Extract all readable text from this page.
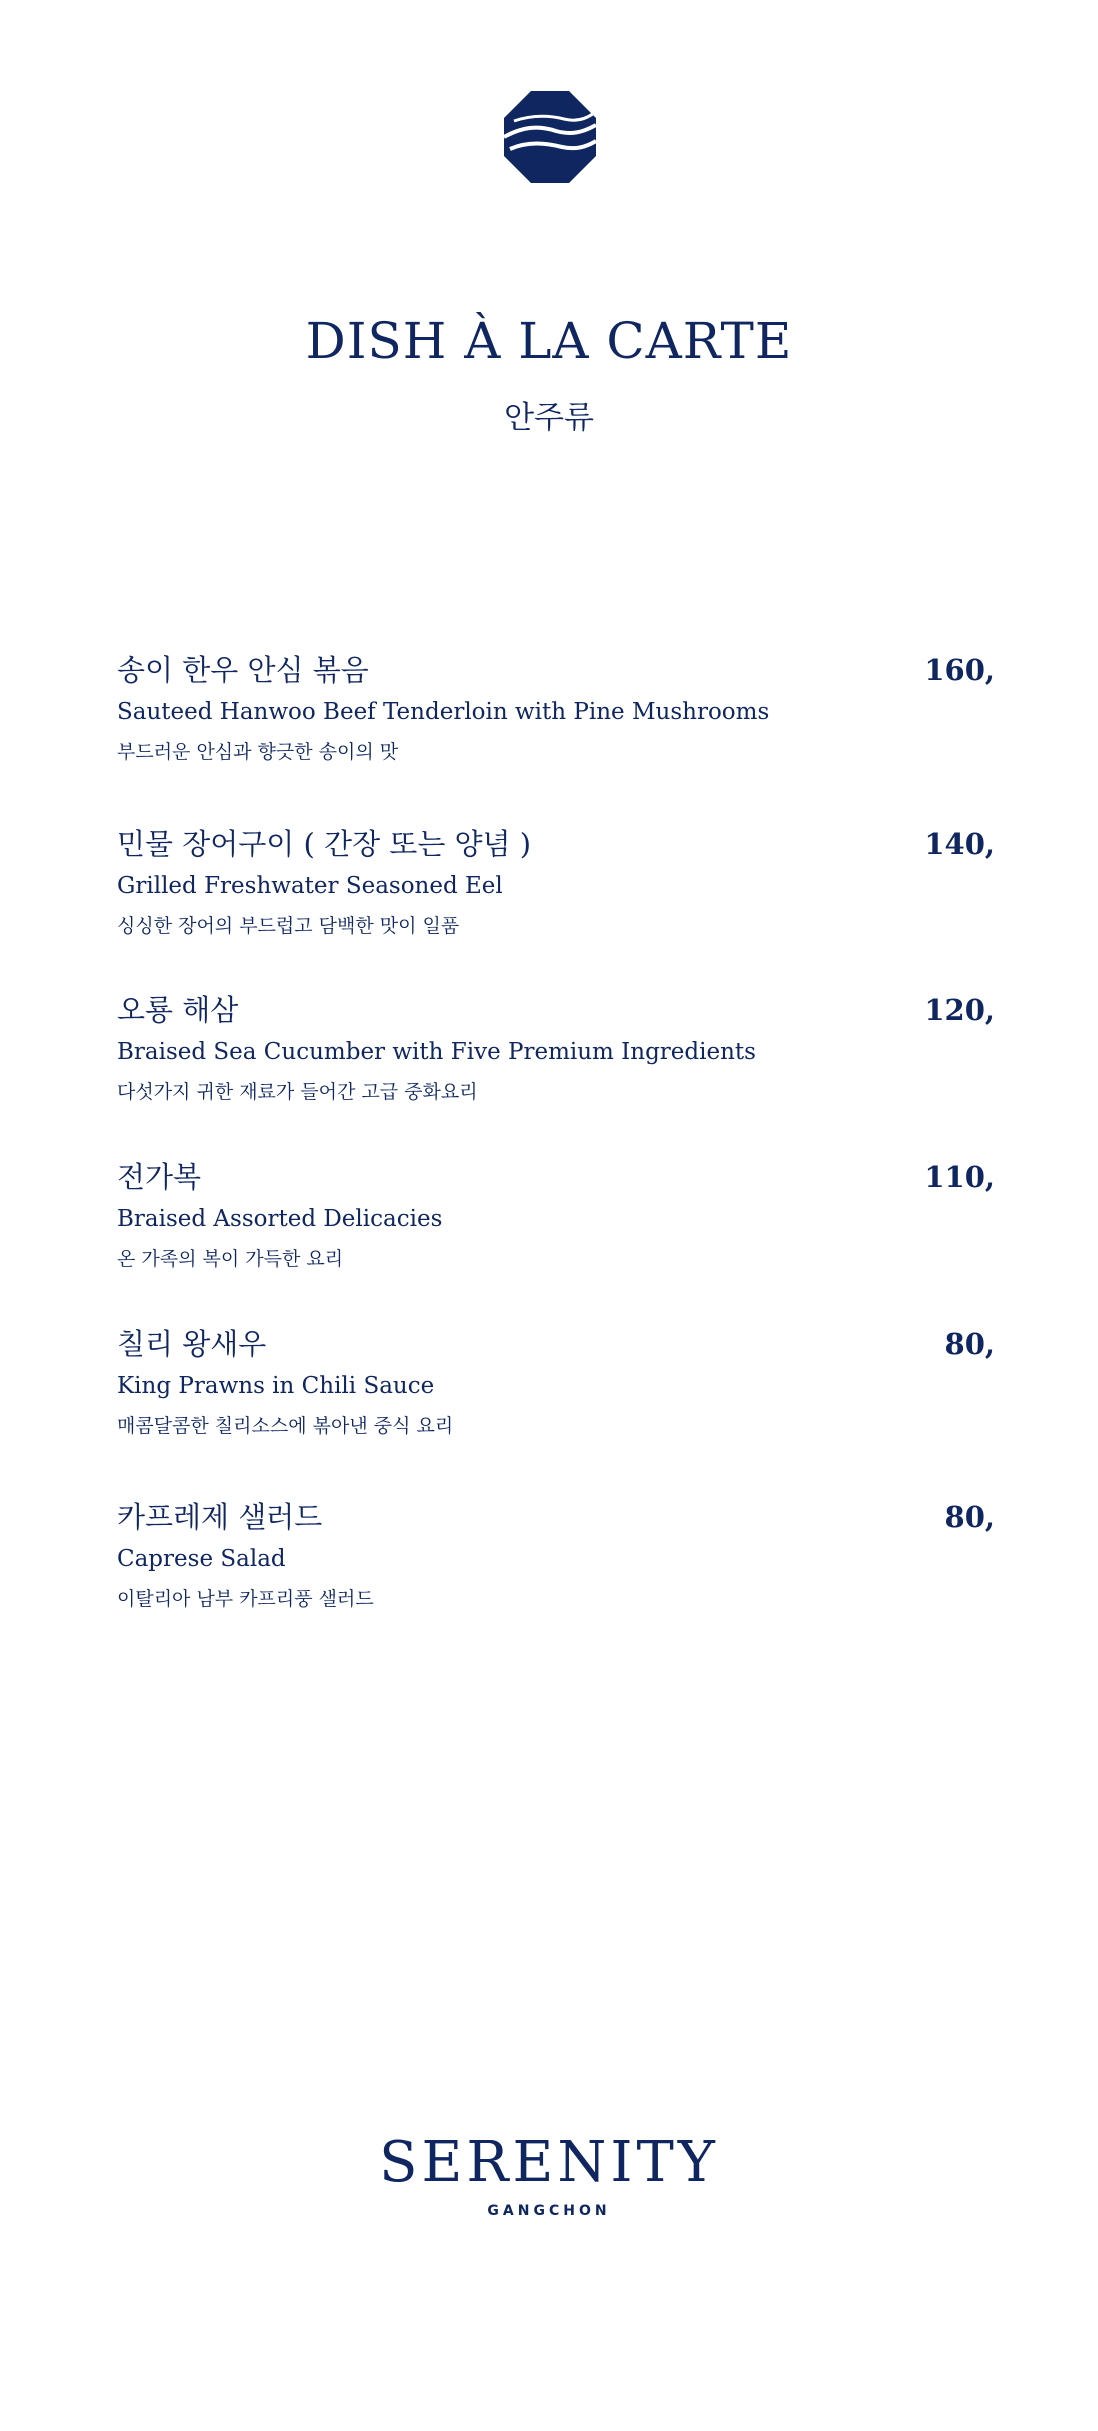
DISH À LA CARTE
안주류
송이 한우 안심 볶음	160,
Sauteed Hanwoo Beef Tenderloin with Pine Mushrooms
부드러운 안심과 향긋한 송이의 맛
민물 장어구이 ( 간장 또는 양념 )	140,
Grilled Freshwater Seasoned Eel
싱싱한 장어의 부드럽고 담백한 맛이 일품
오룡 해삼	120,
Braised Sea Cucumber with Five Premium Ingredients
다섯가지 귀한 재료가 들어간 고급 중화요리
전가복	110,
Braised Assorted Delicacies
온 가족의 복이 가득한 요리
칠리 왕새우	80,
King Prawns in Chili Sauce
매콤달콤한 칠리소스에 볶아낸 중식 요리
카프레제 샐러드	80,
Caprese Salad
이탈리아 남부 카프리풍 샐러드
SERENITY
GANGCHON
